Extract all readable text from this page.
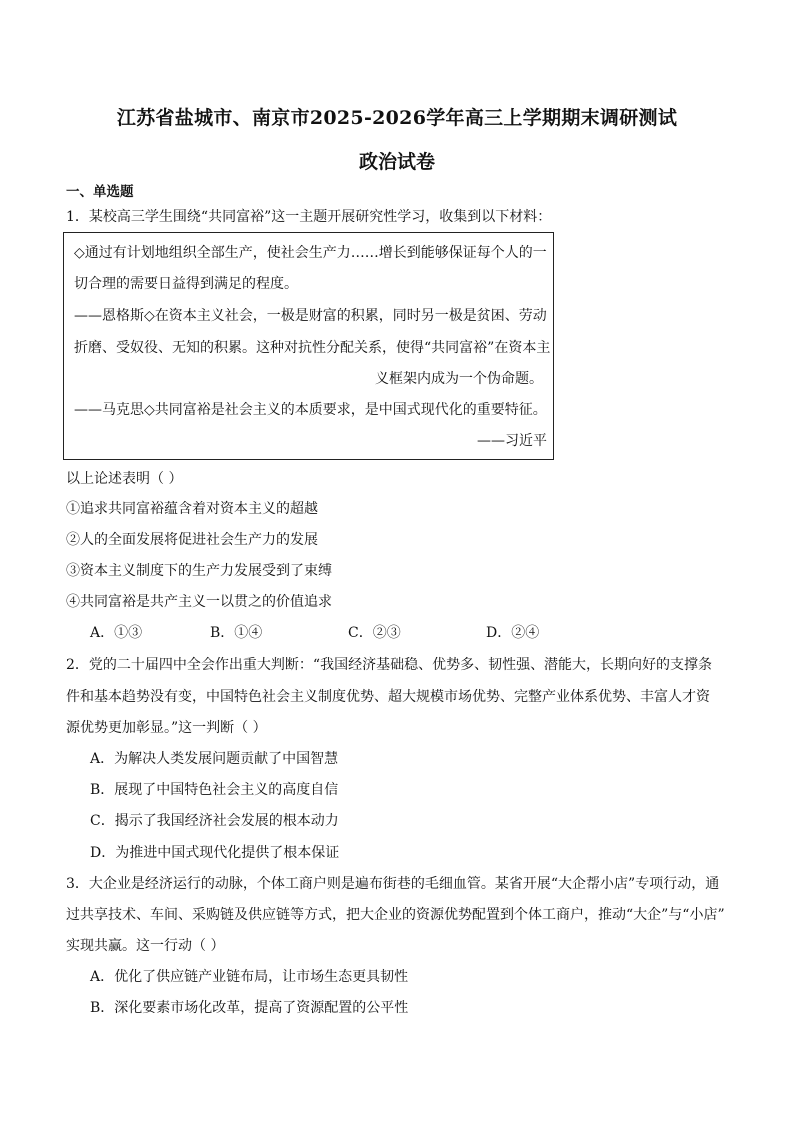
江苏省盐城市、南京市2025-2026学年高三上学期期末调研测试
政治试卷
一、单选题
1．某校高三学生围绕“共同富裕”这一主题开展研究性学习，收集到以下材料：
◇通过有计划地组织全部生产，使社会生产力……增长到能够保证每个人的一
切合理的需要日益得到满足的程度。
——恩格斯◇在资本主义社会，一极是财富的积累，同时另一极是贫困、劳动
折磨、受奴役、无知的积累。这种对抗性分配关系，使得“共同富裕”在资本主
义框架内成为一个伪命题。
——马克思◇共同富裕是社会主义的本质要求，是中国式现代化的重要特征。
——习近平
以上论述表明（ ）
①追求共同富裕蕴含着对资本主义的超越
②人的全面发展将促进社会生产力的发展
③资本主义制度下的生产力发展受到了束缚
④共同富裕是共产主义一以贯之的价值追求
A．①③	B．①④	C．②③	D．②④
2．党的二十届四中全会作出重大判断：“我国经济基础稳、优势多、韧性强、潜能大，长期向好的支撑条
件和基本趋势没有变，中国特色社会主义制度优势、超大规模市场优势、完整产业体系优势、丰富人才资
源优势更加彰显。”这一判断（ ）
A．为解决人类发展问题贡献了中国智慧
B．展现了中国特色社会主义的高度自信
C．揭示了我国经济社会发展的根本动力
D．为推进中国式现代化提供了根本保证
3．大企业是经济运行的动脉，个体工商户则是遍布街巷的毛细血管。某省开展“大企帮小店”专项行动，通
过共享技术、车间、采购链及供应链等方式，把大企业的资源优势配置到个体工商户，推动“大企”与“小店”
实现共赢。这一行动（ ）
A．优化了供应链产业链布局，让市场生态更具韧性
B．深化要素市场化改革，提高了资源配置的公平性
